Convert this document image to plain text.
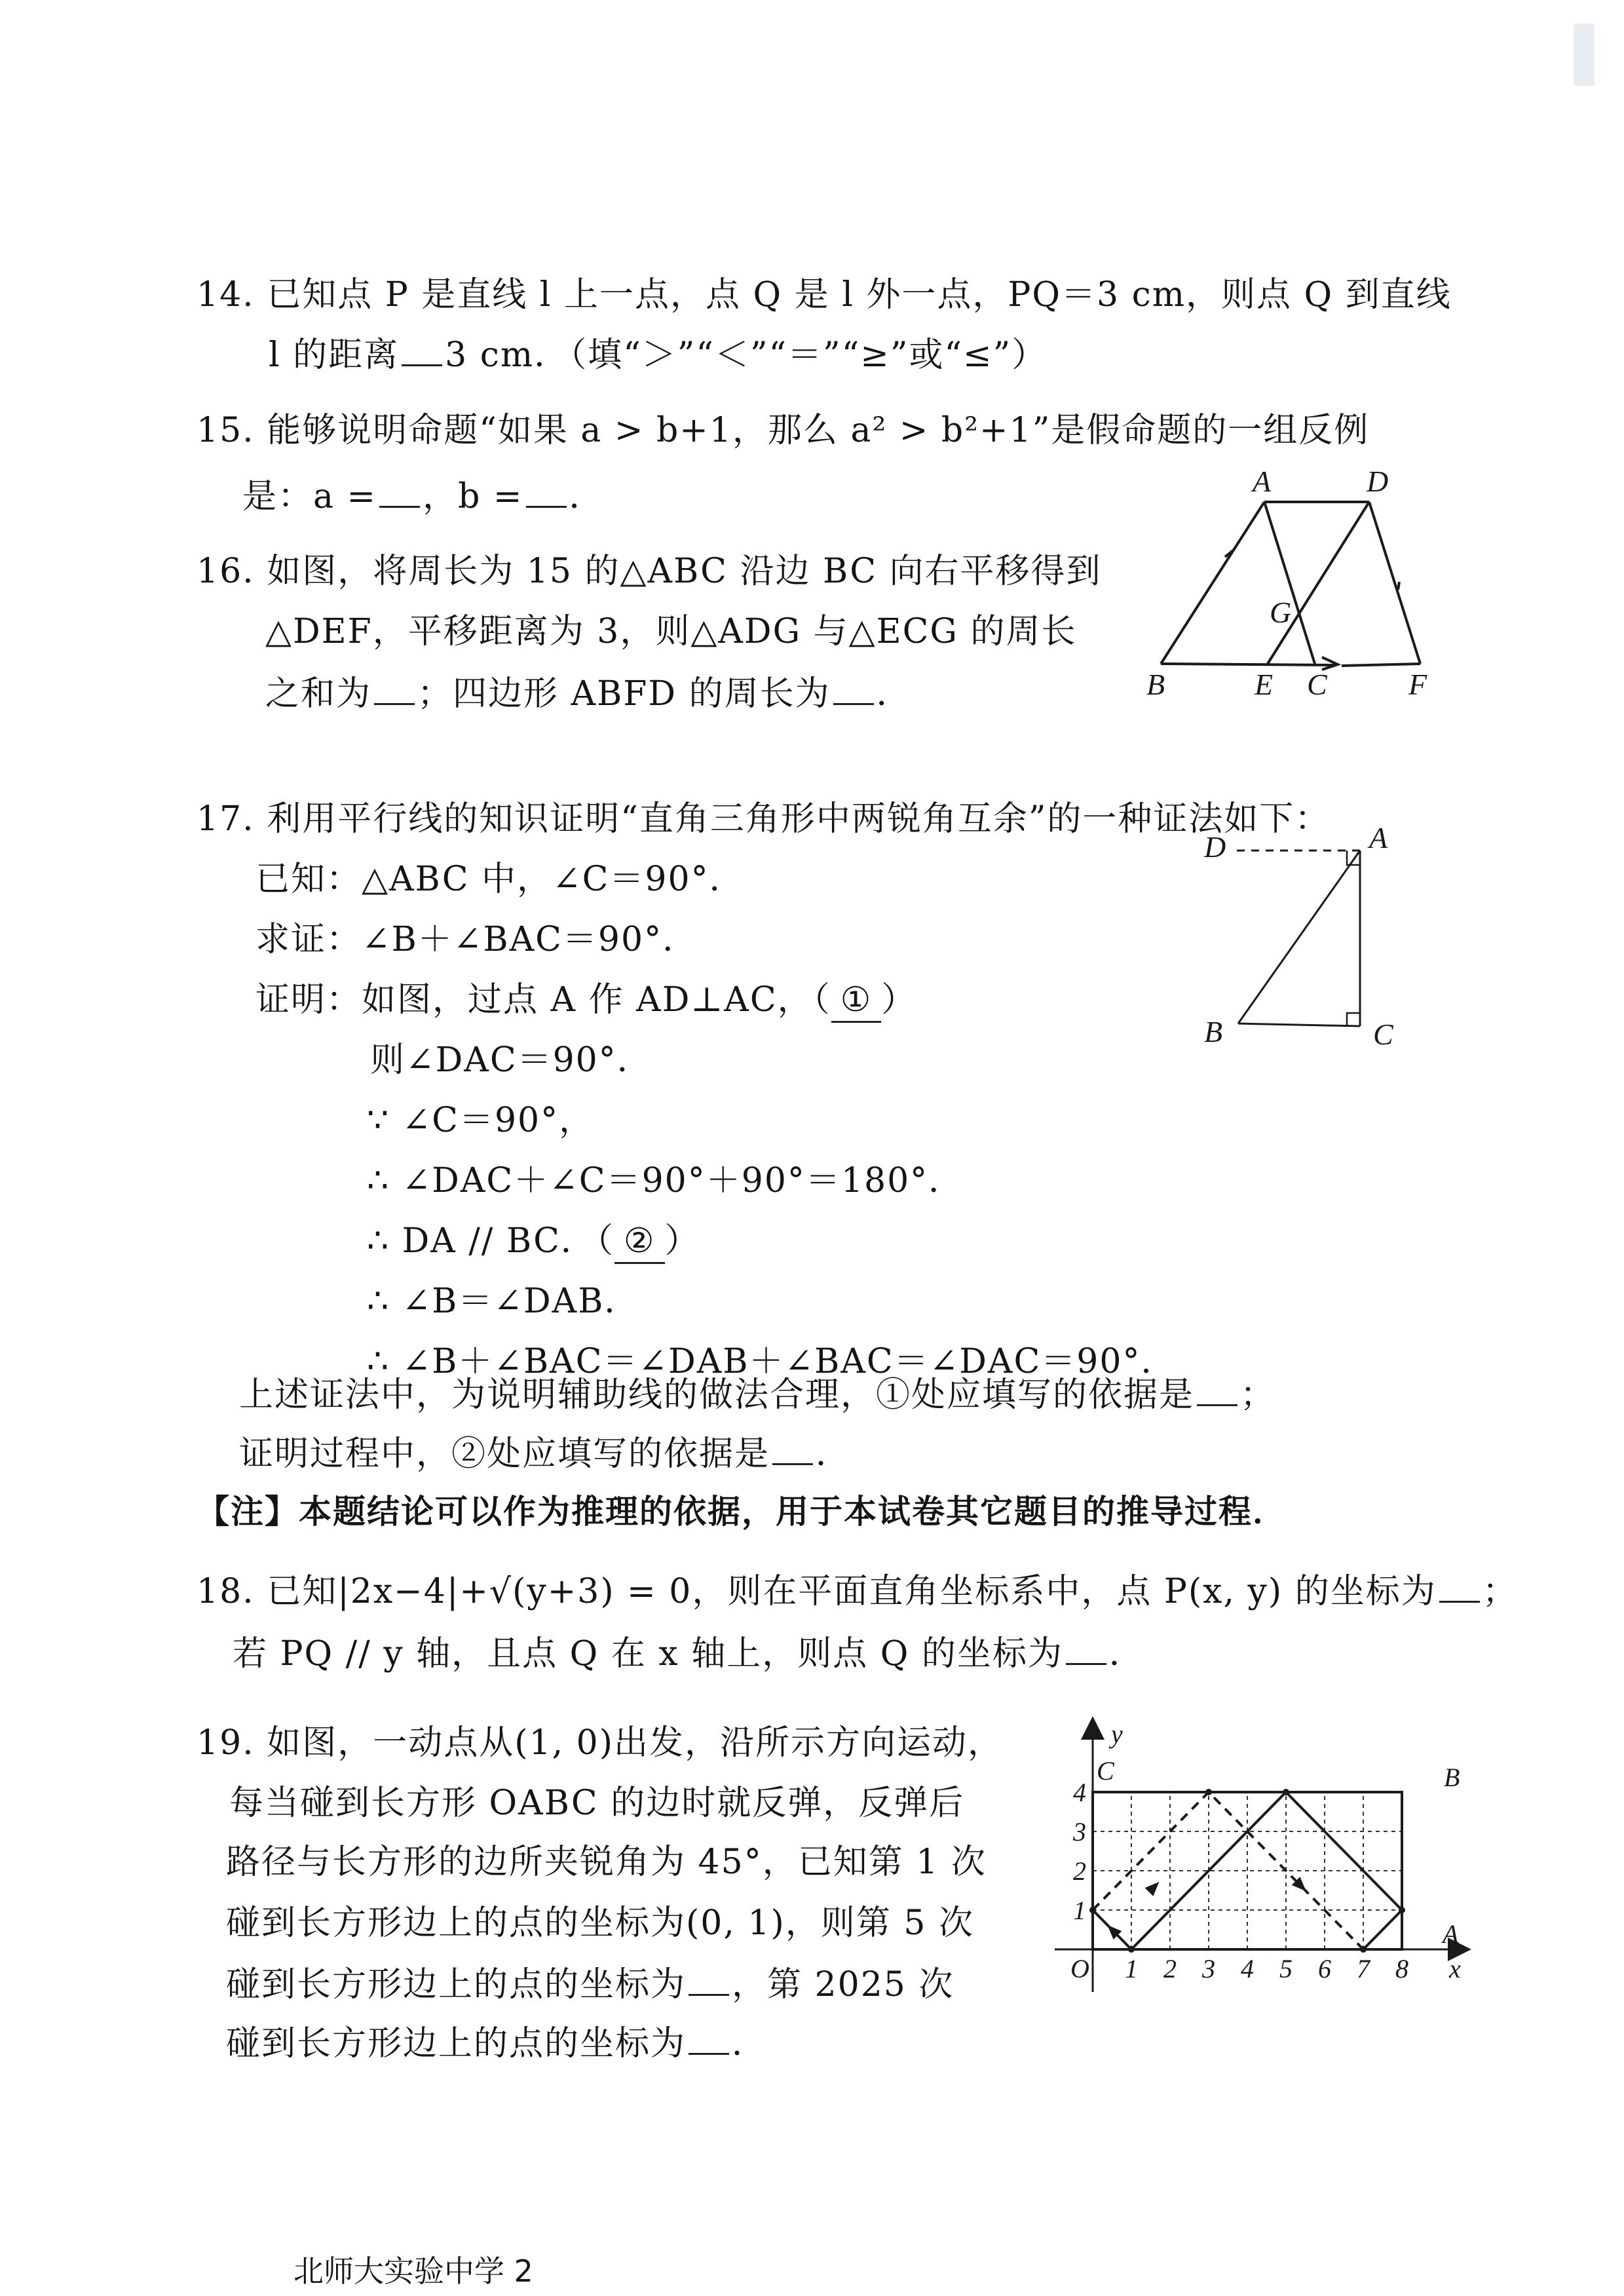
14. 已知点 P 是直线 l 上一点，点 Q 是 l 外一点，PQ＝3 cm，则点 Q 到直线
l 的距离 3 cm．（填“＞”“＜”“＝”“≥”或“≤”）
15. 能够说明命题“如果 a > b+1，那么 a² > b²+1”是假命题的一组反例
是：a = ，b = ．
16. 如图，将周长为 15 的△ABC 沿边 BC 向右平移得到
△DEF，平移距离为 3，则△ADG 与△ECG 的周长
之和为 ；四边形 ABFD 的周长为 ．
A	D
G
B	E C	F
17. 利用平行线的知识证明“直角三角形中两锐角互余”的一种证法如下：
已知：△ABC 中，∠C＝90°．
求证：∠B＋∠BAC＝90°．
证明：如图，过点 A 作 AD⊥AC，（ ① ）
则∠DAC＝90°．
∵ ∠C＝90°，
∴ ∠DAC＋∠C＝90°＋90°＝180°．
∴ DA // BC．（ ② ）
∴ ∠B＝∠DAB．
∴ ∠B＋∠BAC＝∠DAB＋∠BAC＝∠DAC＝90°．
上述证法中，为说明辅助线的做法合理，①处应填写的依据是 ；
证明过程中，②处应填写的依据是 ．
【注】本题结论可以作为推理的依据，用于本试卷其它题目的推导过程．
D	A
B	C
18. 已知|2x−4|+√(y+3) = 0，则在平面直角坐标系中，点 P(x, y) 的坐标为 ；
若 PQ // y 轴，且点 Q 在 x 轴上，则点 Q 的坐标为 ．
19. 如图，一动点从(1, 0)出发，沿所示方向运动，
每当碰到长方形 OABC 的边时就反弹，反弹后
路径与长方形的边所夹锐角为 45°，已知第 1 次
碰到长方形边上的点的坐标为(0, 1)，则第 5 次
碰到长方形边上的点的坐标为 ，第 2025 次
碰到长方形边上的点的坐标为 ．
y
x
O
C	B
A
1 2 3 4 5 6 7 8
1
2
3
4
北师大实验中学 2
